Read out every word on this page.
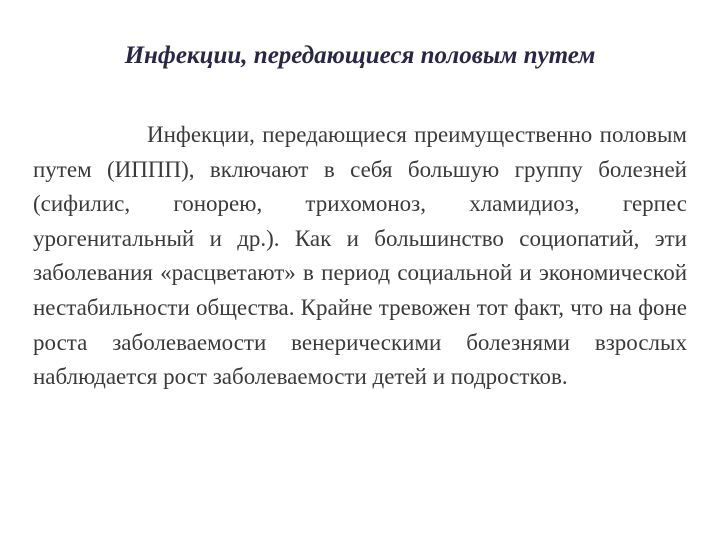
Инфекции, передающиеся половым путем

Инфекции, передающиеся преимущественно половым путем (ИППП), включают в себя большую группу болезней (сифилис, гонорею, трихомоноз, хламидиоз, герпес урогенитальный и др.). Как и большинство социопатий, эти заболевания «расцветают» в период социальной и экономической нестабильности общества. Крайне тревожен тот факт, что на фоне роста заболеваемости венерическими болезнями взрослых наблюдается рост заболеваемости детей и подростков.
